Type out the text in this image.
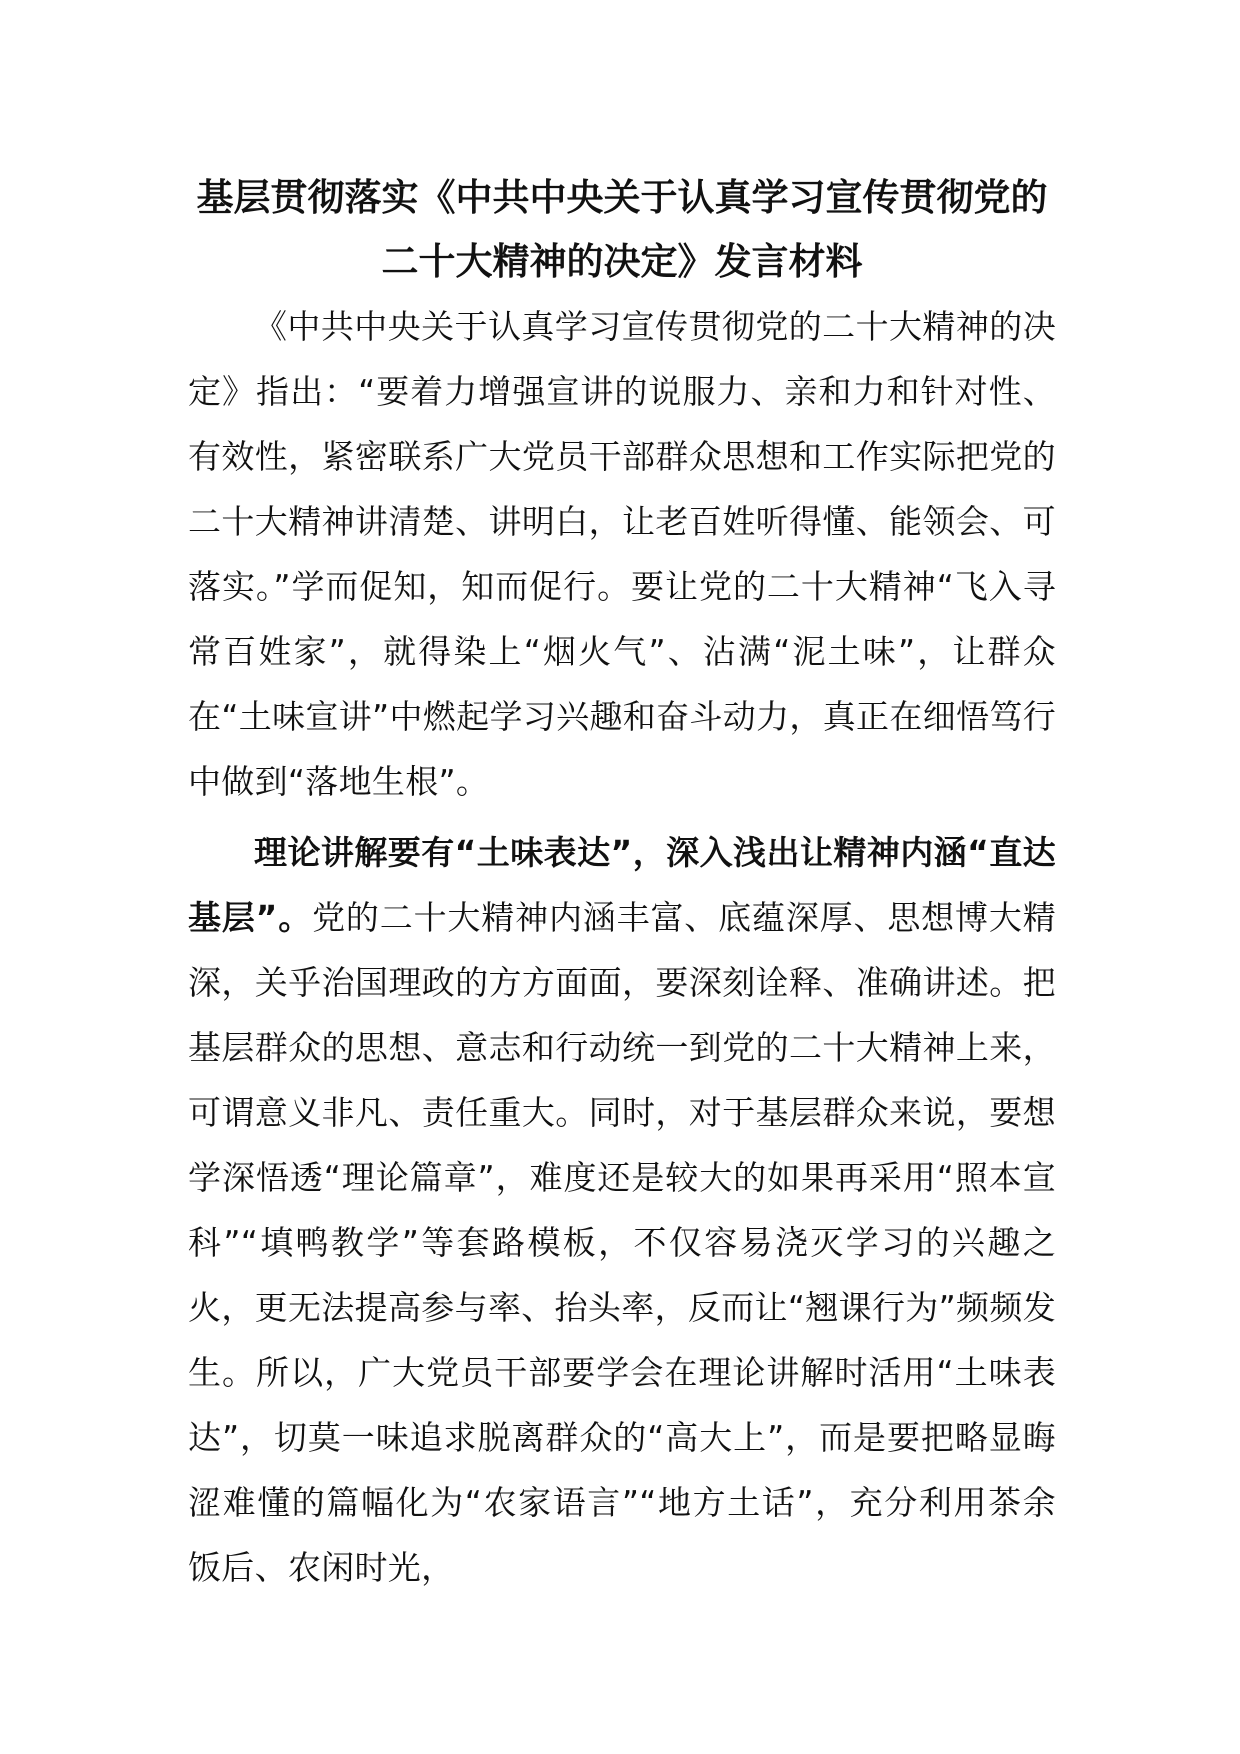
基层贯彻落实《中共中央关于认真学习宣传贯彻党的
二十大精神的决定》发言材料

《中共中央关于认真学习宣传贯彻党的二十大精神的决定》指出：“要着力增强宣讲的说服力、亲和力和针对性、有效性，紧密联系广大党员干部群众思想和工作实际把党的二十大精神讲清楚、讲明白，让老百姓听得懂、能领会、可落实。”学而促知，知而促行。要让党的二十大精神“飞入寻常百姓家”，就得染上“烟火气”、沾满“泥土味”，让群众在“土味宣讲”中燃起学习兴趣和奋斗动力，真正在细悟笃行中做到“落地生根”。

理论讲解要有“土味表达”，深入浅出让精神内涵“直达基层”。党的二十大精神内涵丰富、底蕴深厚、思想博大精深，关乎治国理政的方方面面，要深刻诠释、准确讲述。把基层群众的思想、意志和行动统一到党的二十大精神上来，可谓意义非凡、责任重大。同时，对于基层群众来说，要想学深悟透“理论篇章”，难度还是较大的如果再采用“照本宣科”“填鸭教学”等套路模板，不仅容易浇灭学习的兴趣之火，更无法提高参与率、抬头率，反而让“翘课行为”频频发生。所以，广大党员干部要学会在理论讲解时活用“土味表达”，切莫一味追求脱离群众的“高大上”，而是要把略显晦涩难懂的篇幅化为“农家语言”“地方土话”，充分利用茶余饭后、农闲时光，
